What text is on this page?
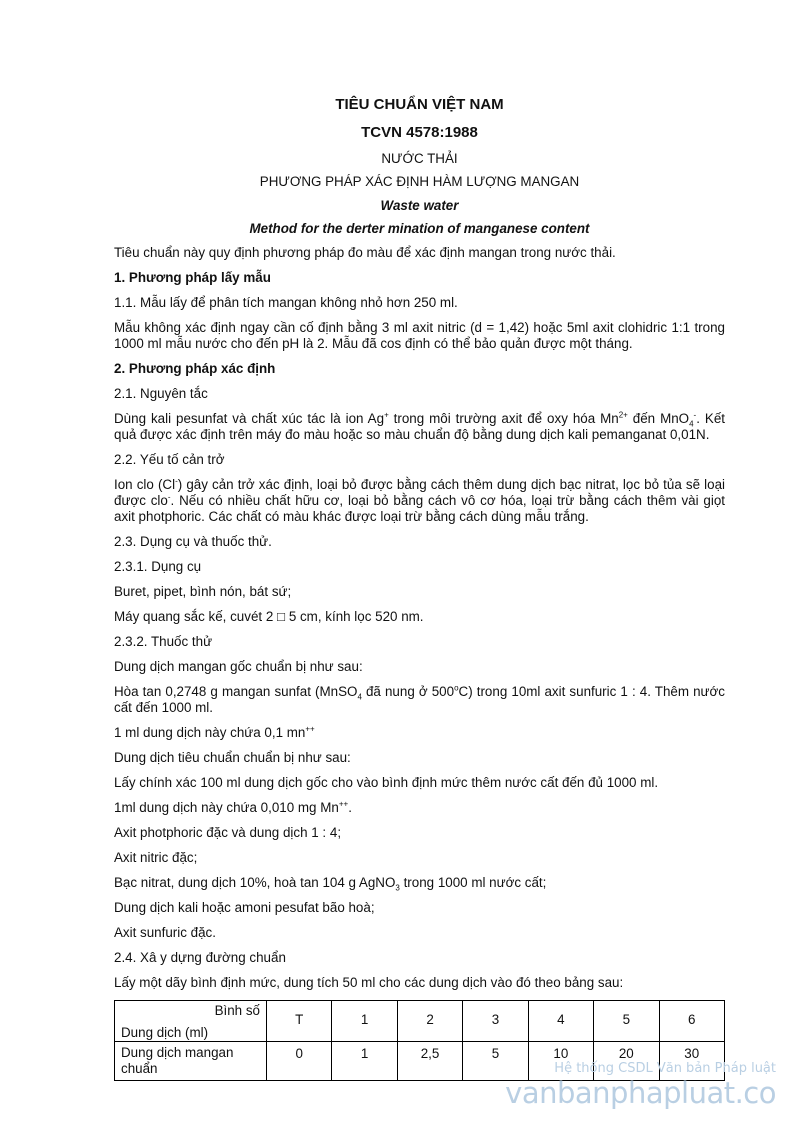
TIÊU CHUẨN VIỆT NAM
TCVN 4578:1988
NƯỚC THẢI
PHƯƠNG PHÁP XÁC ĐỊNH HÀM LƯỢNG MANGAN
Waste water
Method for the derter mination of manganese content

Tiêu chuẩn này quy định phương pháp đo màu để xác định mangan trong nước thải.

1. Phương pháp lấy mẫu

1.1. Mẫu lấy để phân tích mangan không nhỏ hơn 250 ml.

Mẫu không xác định ngay cần cố định bằng 3 ml axit nitric (d = 1,42) hoặc 5ml axit clohidric 1:1 trong 1000 ml mẫu nước cho đến pH là 2. Mẫu đã cos định có thể bảo quản được một tháng.

2. Phương pháp xác định

2.1. Nguyên tắc

Dùng kali pesunfat và chất xúc tác là ion Ag+ trong môi trường axit để oxy hóa $Mn^{2+}$ đến MnO$_4$-. Kết quả được xác định trên máy đo màu hoặc so màu chuẩn độ bằng dung dịch kali pemanganat 0,01N.

2.2. Yếu tố cản trở

Ion clo (Cl-) gây cản trở xác định, loại bỏ được bằng cách thêm dung dịch bạc nitrat, lọc bỏ tủa sẽ loại được clo-. Nếu có nhiều chất hữu cơ, loại bỏ bằng cách vô cơ hóa, loại trừ bằng cách thêm vài giọt axit photphoric. Các chất có màu khác được loại trừ bằng cách dùng mẫu trắng.

2.3. Dụng cụ và thuốc thử.

2.3.1. Dụng cụ

Buret, pipet, bình nón, bát sứ;

Máy quang sắc kế, cuvét 2 □ 5 cm, kính lọc 520 nm.

2.3.2. Thuốc thử

Dung dịch mangan gốc chuẩn bị như sau:

Hòa tan 0,2748 g mangan sunfat (MnSO$_4$ đã nung ở 500$^o$C) trong 10ml axit sunfuric 1 : 4. Thêm nước cất đến 1000 ml.

1 ml dung dịch này chứa 0,1 mn++

Dung dịch tiêu chuẩn chuẩn bị như sau:

Lấy chính xác 100 ml dung dịch gốc cho vào bình định mức thêm nước cất đến đủ 1000 ml.

1ml dung dịch này chứa 0,010 mg Mn++.

Axit photphoric đặc và dung dịch 1 : 4;

Axit nitric đặc;

Bạc nitrat, dung dịch 10%, hoà tan 104 g AgNO$_3$ trong 1000 ml nước cất;

Dung dịch kali hoặc amoni pesufat bão hoà;

Axit sunfuric đặc.

2.4. Xâ y dựng đường chuẩn

Lấy một dãy bình định mức, dung tích 50 ml cho các dung dịch vào đó theo bảng sau:

Bình số
Dung dịch (ml)	T	1	2	3	4	5	6
Dung dịch mangan chuẩn	0	1	2,5	5	10	20	30
Hệ thống CSDL Văn bản Pháp luật
vanbanphapluat.co
